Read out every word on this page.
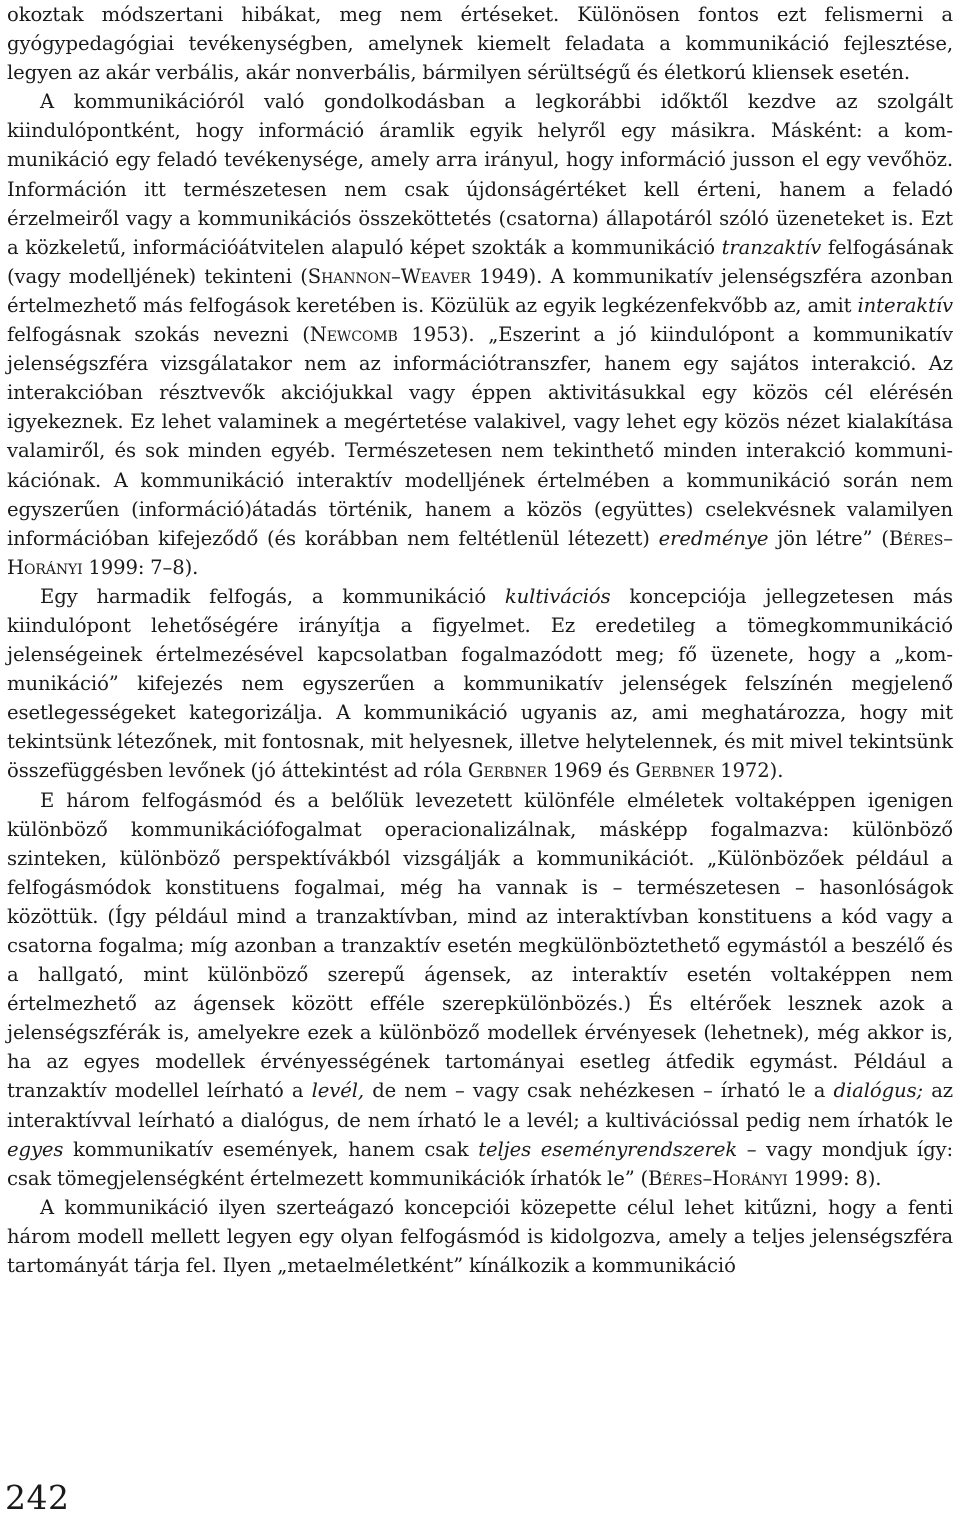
okoztak módszertani hibákat, meg nem értéseket. Különösen fontos ezt felismerni a gyógypedagógiai tevékenységben, amelynek kiemelt feladata a kommunikáció fejlesztése, legyen az akár verbális, akár nonverbális, bármilyen sérültségű és életkorú kliensek esetén.

A kommunikációról való gondolkodásban a legkorábbi időktől kezdve az szolgált kiindulópontként, hogy információ áramlik egyik helyről egy másikra. Másként: a kommunikáció egy feladó tevékenysége, amely arra irányul, hogy információ jusson el egy vevőhöz. Információn itt természetesen nem csak újdonságértéket kell érteni, hanem a feladó érzelmeiről vagy a kommunikációs összeköttetés (csatorna) állapotáról szóló üzeneteket is. Ezt a közkeletű, információátvitelen alapuló képet szokták a kommunikáció tranzaktív felfogásának (vagy modelljének) tekinteni (Shannon–Weaver 1949). A kommunikatív jelenségszféra azonban értelmezhető más felfogások keretében is. Közülük az egyik legkézenfekvőbb az, amit interaktív felfogásnak szokás nevezni (Newcomb 1953). „Eszerint a jó kiindulópont a kommunikatív jelenségszféra vizsgálatakor nem az információtranszfer, hanem egy sajátos interakció. Az interakcióban résztvevők akciójukkal vagy éppen aktivitásukkal egy közös cél elérésén igyekeznek. Ez lehet valaminek a megértetése valakivel, vagy lehet egy közös nézet kialakítása valamiről, és sok minden egyéb. Természetesen nem tekinthető minden interakció kommunikációnak. A kommunikáció interaktív modelljének értelmében a kommunikáció során nem egyszerűen (információ)átadás történik, hanem a közös (együttes) cselekvésnek valamilyen információban kifejeződő (és korábban nem feltétlenül létezett) eredménye jön létre” (Béres–Horányi 1999: 7–8).

Egy harmadik felfogás, a kommunikáció kultivációs koncepciója jellegzetesen más kiindulópont lehetőségére irányítja a figyelmet. Ez eredetileg a tömegkommunikáció jelenségeinek értelmezésével kapcsolatban fogalmazódott meg; fő üzenete, hogy a „kommunikáció” kifejezés nem egyszerűen a kommunikatív jelenségek felszínén megjelenő esetlegességeket kategorizálja. A kommunikáció ugyanis az, ami meghatározza, hogy mit tekintsünk létezőnek, mit fontosnak, mit helyesnek, illetve helytelennek, és mit mivel tekintsünk összefüggésben levőnek (jó áttekintést ad róla Gerbner 1969 és Gerbner 1972).

E három felfogásmód és a belőlük levezetett különféle elméletek voltaképpen igenigen különböző kommunikációfogalmat operacionalizálnak, másképp fogalmazva: különböző szinteken, különböző perspektívákból vizsgálják a kommunikációt. „Különbözőek például a felfogásmódok konstituens fogalmai, még ha vannak is – természetesen – hasonlóságok közöttük. (Így például mind a tranzaktívban, mind az interaktívban konstituens a kód vagy a csatorna fogalma; míg azonban a tranzaktív esetén megkülönböztethető egymástól a beszélő és a hallgató, mint különböző szerepű ágensek, az interaktív esetén voltaképpen nem értelmezhető az ágensek között efféle szerepkülönbözés.) És eltérőek lesznek azok a jelenségszférák is, amelyekre ezek a különböző modellek érvényesek (lehetnek), még akkor is, ha az egyes modellek érvényességének tartományai esetleg átfedik egymást. Például a tranzaktív modellel leírható a levél, de nem – vagy csak nehézkesen – írható le a dialógus; az interaktívval leírható a dialógus, de nem írható le a levél; a kultivációssal pedig nem írhatók le egyes kommunikatív események, hanem csak teljes eseményrendszerek – vagy mondjuk így: csak tömegjelenségként értelmezett kommunikációk írhatók le” (Béres–Horányi 1999: 8).

A kommunikáció ilyen szerteágazó koncepciói közepette célul lehet kitűzni, hogy a fenti három modell mellett legyen egy olyan felfogásmód is kidolgozva, amely a teljes jelenségszféra tartományát tárja fel. Ilyen „metaelméletként” kínálkozik a kommunikáció

242
